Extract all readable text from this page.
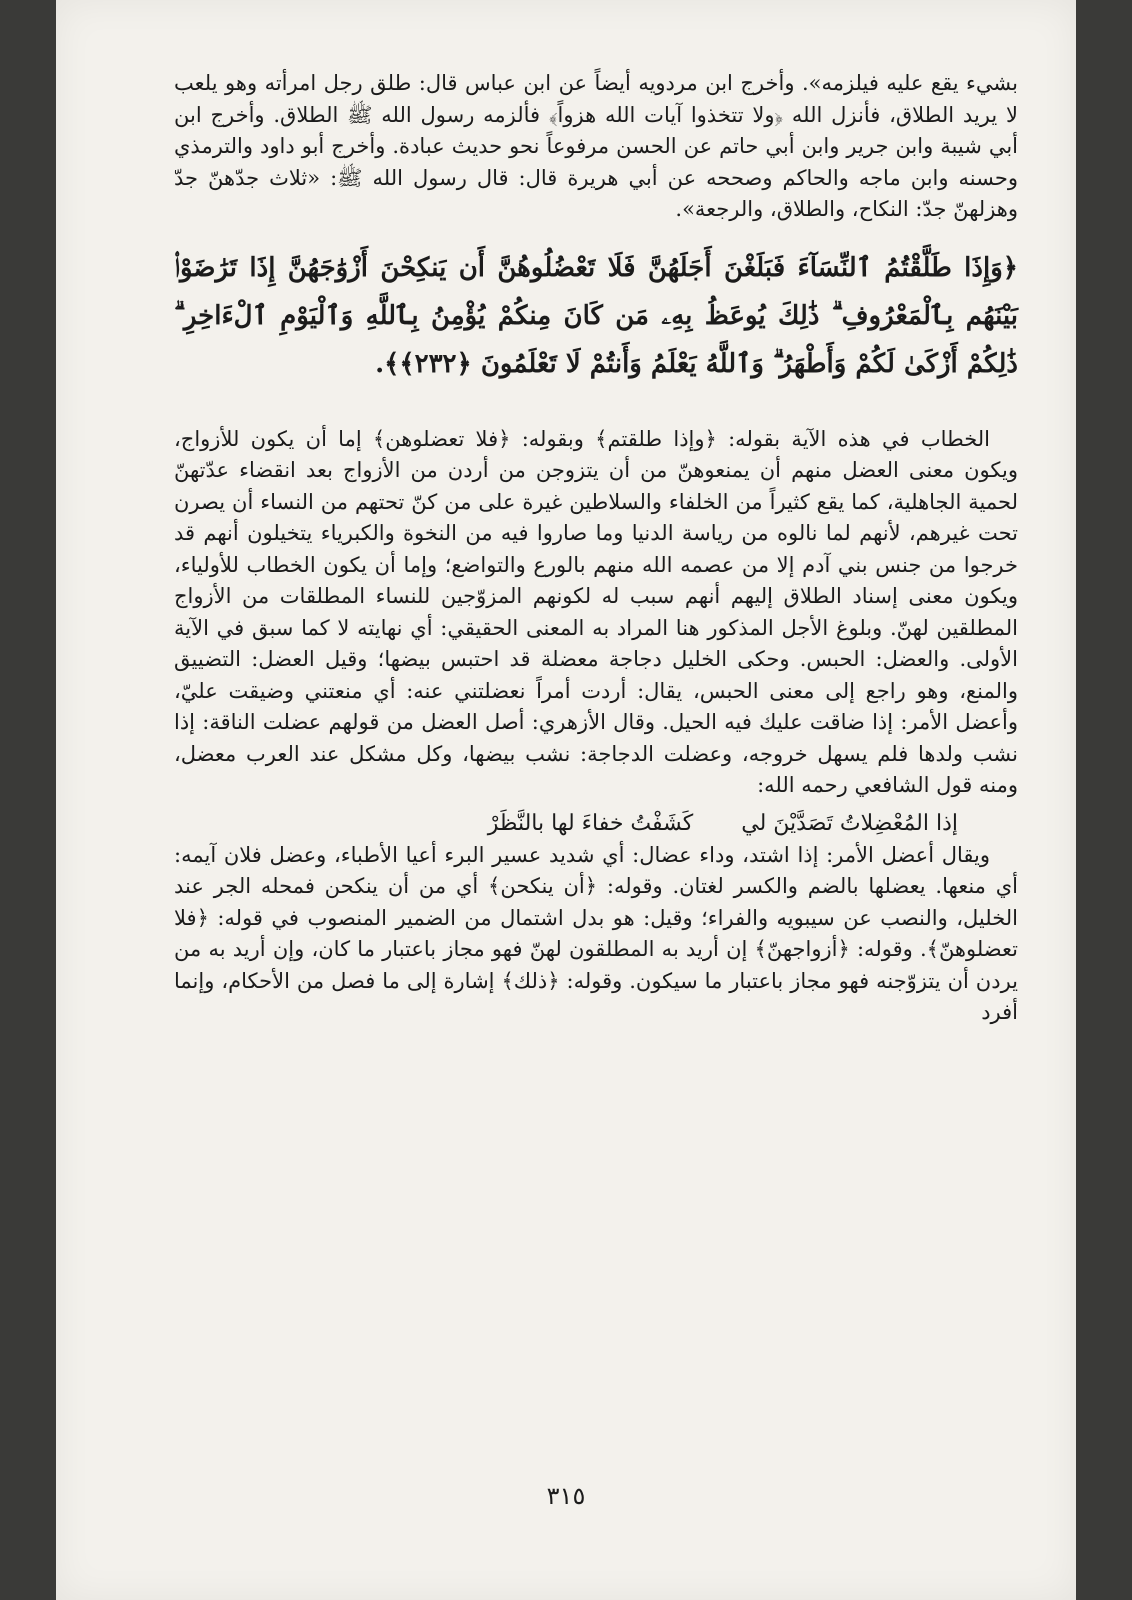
بشيء يقع عليه فيلزمه». وأخرج ابن مردويه أيضاً عن ابن عباس قال: طلق رجل امرأته وهو يلعب لا يريد الطلاق، فأنزل الله ﴿ولا تتخذوا آيات الله هزواً﴾ فألزمه رسول الله ﷺ الطلاق. وأخرج ابن أبي شيبة وابن جرير وابن أبي حاتم عن الحسن مرفوعاً نحو حديث عبادة. وأخرج أبو داود والترمذي وحسنه وابن ماجه والحاكم وصححه عن أبي هريرة قال: قال رسول الله ﷺ: «ثلاث جدّهنّ جدّ وهزلهنّ جدّ: النكاح، والطلاق، والرجعة».

﴿وَإِذَا طَلَّقْتُمُ ٱلنِّسَآءَ فَبَلَغْنَ أَجَلَهُنَّ فَلَا تَعْضُلُوهُنَّ أَن يَنكِحْنَ أَزْوَٰجَهُنَّ إِذَا تَرَٰضَوْا۟ بَيْنَهُم بِٱلْمَعْرُوفِ ۗ ذَٰلِكَ يُوعَظُ بِهِۦ مَن كَانَ مِنكُمْ يُؤْمِنُ بِٱللَّهِ وَٱلْيَوْمِ ٱلْءَاخِرِ ۗ ذَٰلِكُمْ أَزْكَىٰ لَكُمْ وَأَطْهَرُ ۗ وَٱللَّهُ يَعْلَمُ وَأَنتُمْ لَا تَعْلَمُونَ ﴿٢٣٢﴾﴾.

الخطاب في هذه الآية بقوله: ﴿وإذا طلقتم﴾ وبقوله: ﴿فلا تعضلوهن﴾ إما أن يكون للأزواج، ويكون معنى العضل منهم أن يمنعوهنّ من أن يتزوجن من أردن من الأزواج بعد انقضاء عدّتهنّ لحمية الجاهلية، كما يقع كثيراً من الخلفاء والسلاطين غيرة على من كنّ تحتهم من النساء أن يصرن تحت غيرهم، لأنهم لما نالوه من رياسة الدنيا وما صاروا فيه من النخوة والكبرياء يتخيلون أنهم قد خرجوا من جنس بني آدم إلا من عصمه الله منهم بالورع والتواضع؛ وإما أن يكون الخطاب للأولياء، ويكون معنى إسناد الطلاق إليهم أنهم سبب له لكونهم المزوّجين للنساء المطلقات من الأزواج المطلقين لهنّ. وبلوغ الأجل المذكور هنا المراد به المعنى الحقيقي: أي نهايته لا كما سبق في الآية الأولى. والعضل: الحبس. وحكى الخليل دجاجة معضلة قد احتبس بيضها؛ وقيل العضل: التضييق والمنع، وهو راجع إلى معنى الحبس، يقال: أردت أمراً نعضلتني عنه: أي منعتني وضيقت عليّ، وأعضل الأمر: إذا ضاقت عليك فيه الحيل. وقال الأزهري: أصل العضل من قولهم عضلت الناقة: إذا نشب ولدها فلم يسهل خروجه، وعضلت الدجاجة: نشب بيضها، وكل مشكل عند العرب معضل، ومنه قول الشافعي رحمه الله:

إذا المُعْضِلاتُ تَصَدَّيْنَ لي
كَشَفْتُ خفاءَ لها بالنَّظَرْ

ويقال أعضل الأمر: إذا اشتد، وداء عضال: أي شديد عسير البرء أعيا الأطباء، وعضل فلان آيمه: أي منعها. يعضلها بالضم والكسر لغتان. وقوله: ﴿أن ينكحن﴾ أي من أن ينكحن فمحله الجر عند الخليل، والنصب عن سيبويه والفراء؛ وقيل: هو بدل اشتمال من الضمير المنصوب في قوله: ﴿فلا تعضلوهنّ﴾. وقوله: ﴿أزواجهنّ﴾ إن أريد به المطلقون لهنّ فهو مجاز باعتبار ما كان، وإن أريد به من يردن أن يتزوّجنه فهو مجاز باعتبار ما سيكون. وقوله: ﴿ذلك﴾ إشارة إلى ما فصل من الأحكام، وإنما أفرد

٣١٥
